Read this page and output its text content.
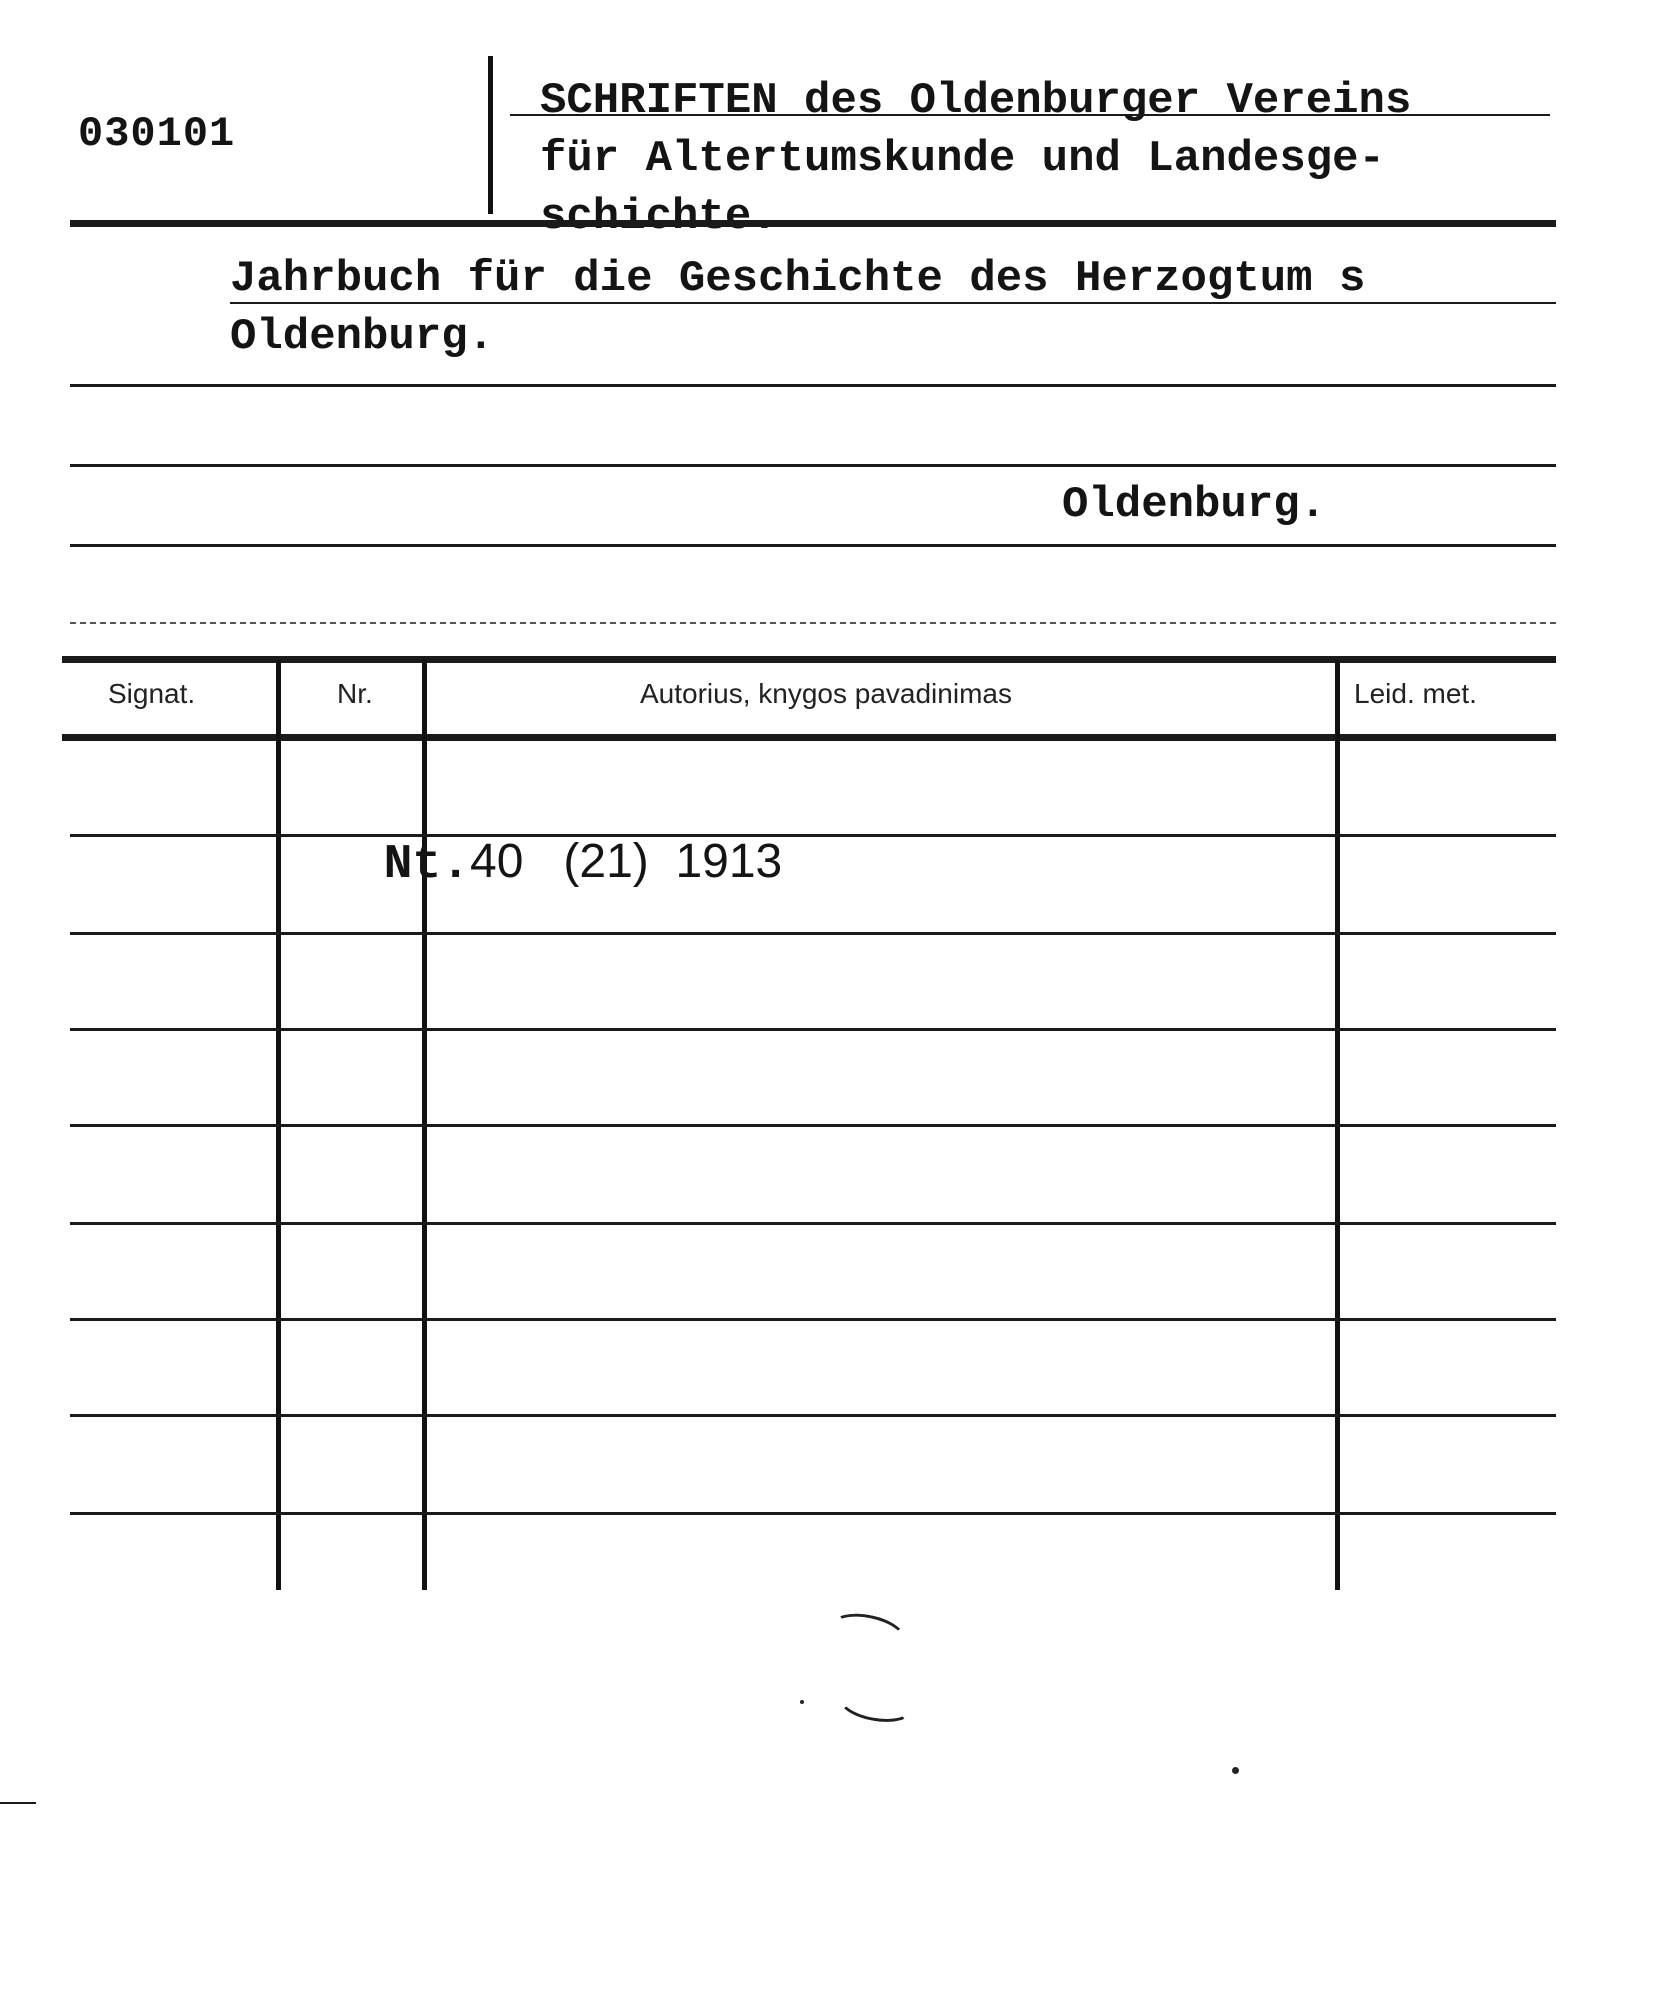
030101
SCHRIFTEN des Oldenburger Vereins
für Altertumskunde und Landesge-
schichte.
Jahrbuch für die Geschichte des Herzogtum s
Oldenburg.
Oldenburg.
Signat.	Nr.	Autorius, knygos pavadinimas	Leid. met.

Nt.40   (21)  1913
